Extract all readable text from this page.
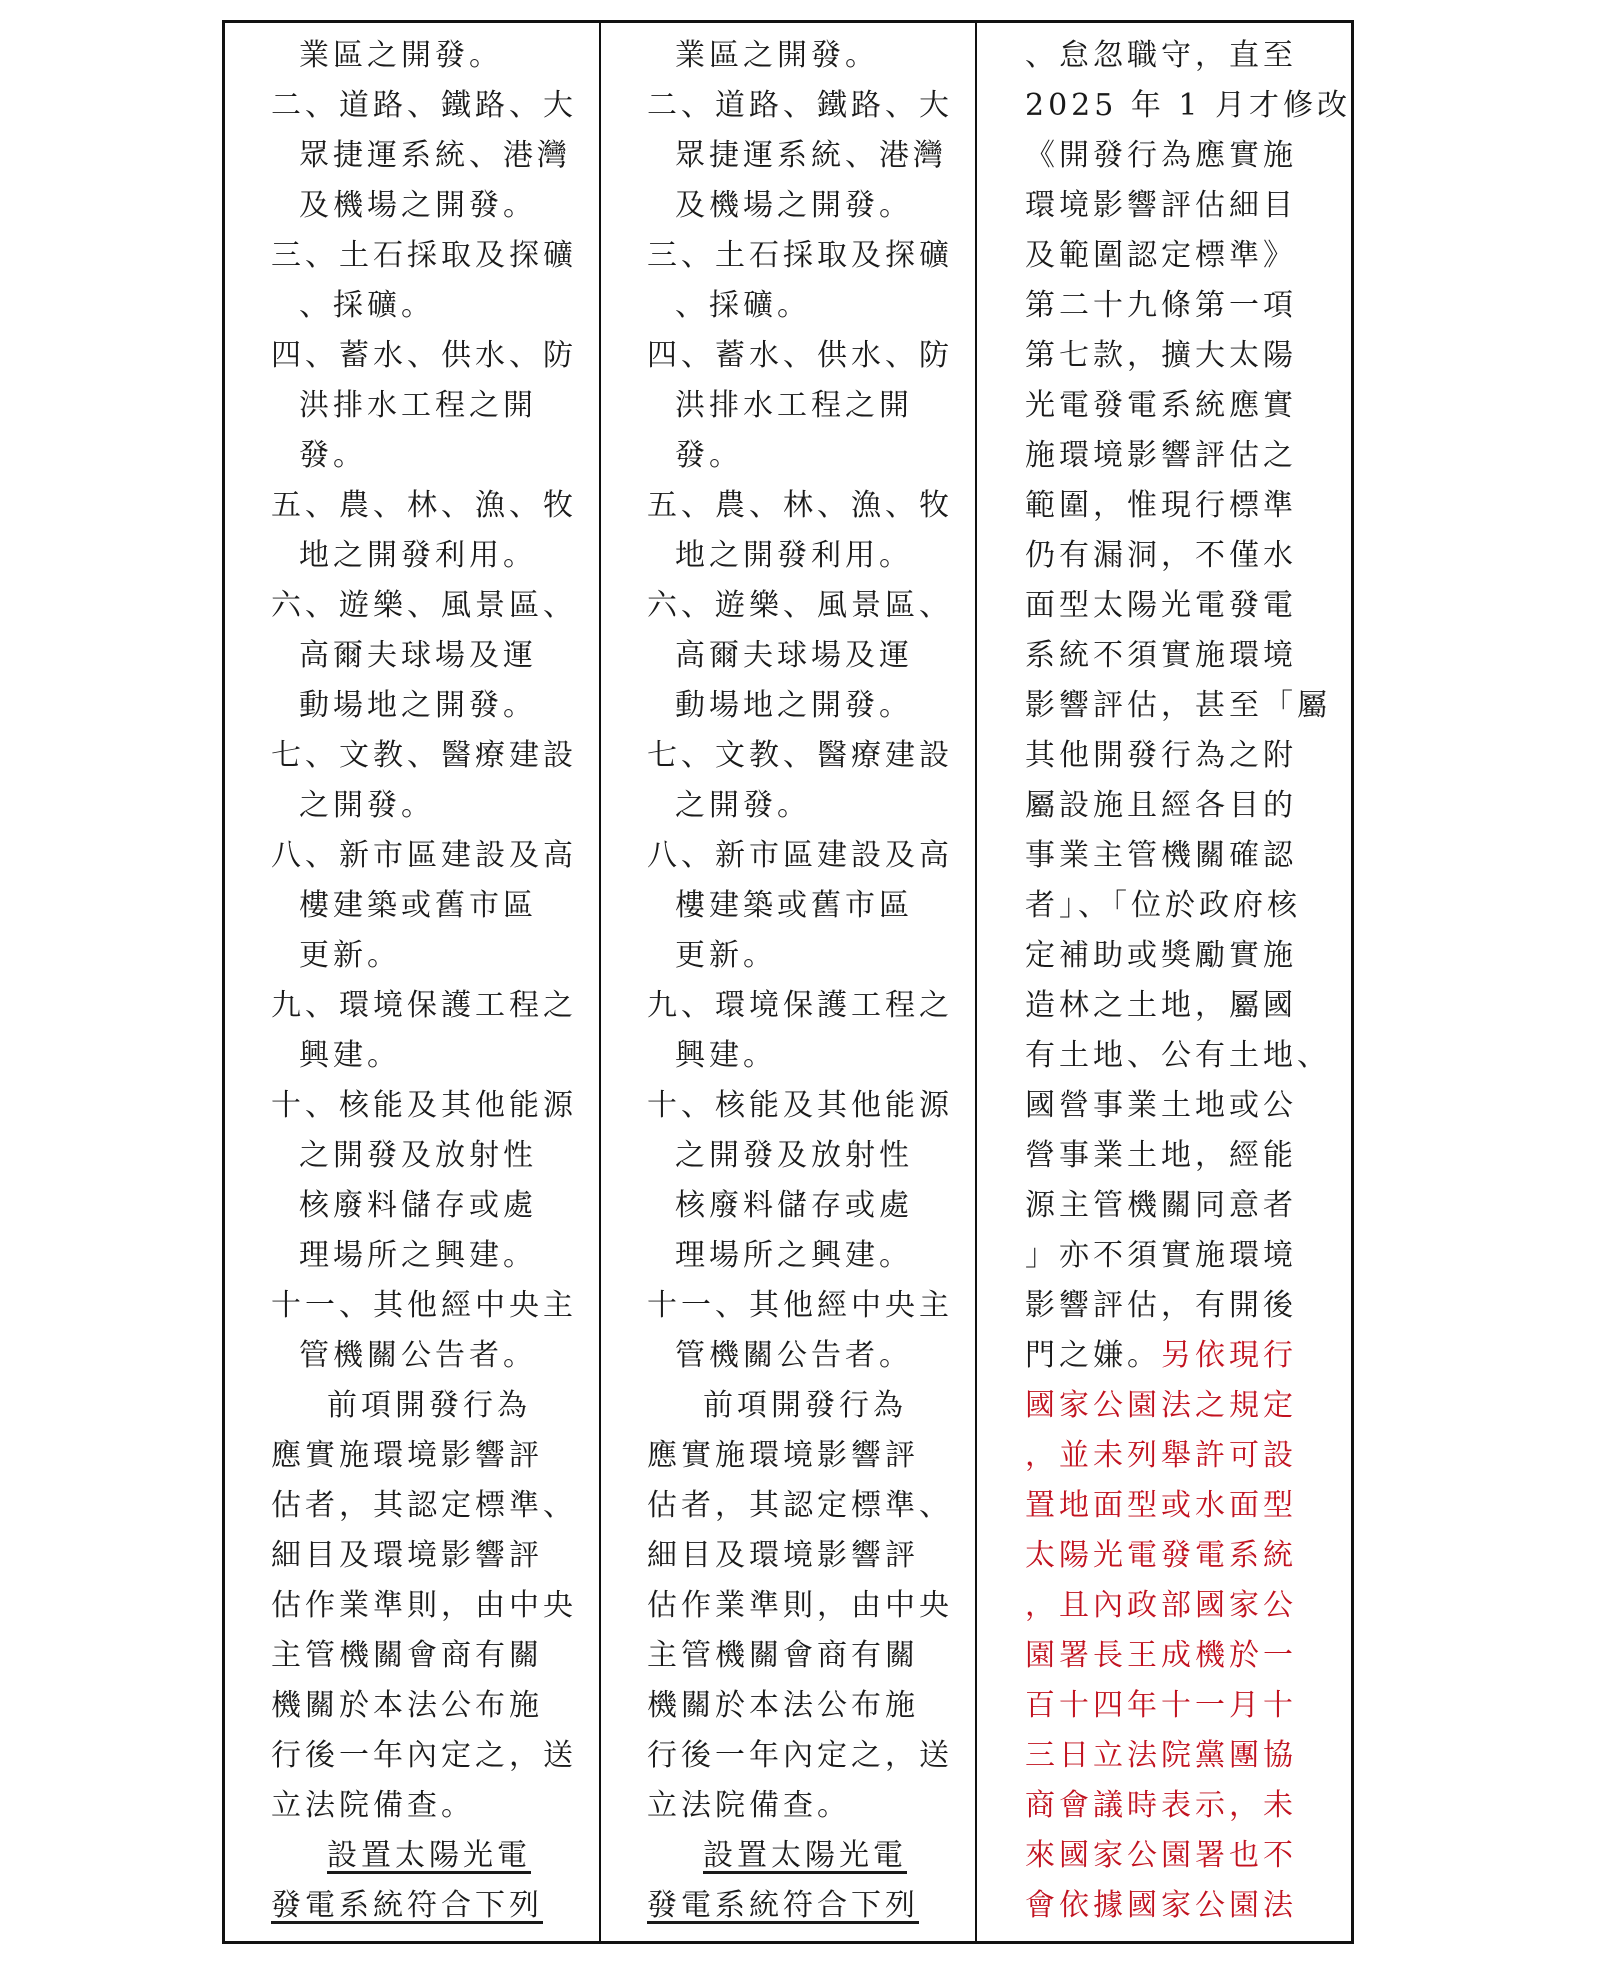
業區之開發。
二、道路、鐵路、大
眾捷運系統、港灣
及機場之開發。
三、土石採取及探礦
、採礦。
四、蓄水、供水、防
洪排水工程之開
發。
五、農、林、漁、牧
地之開發利用。
六、遊樂、風景區、
高爾夫球場及運
動場地之開發。
七、文教、醫療建設
之開發。
八、新市區建設及高
樓建築或舊市區
更新。
九、環境保護工程之
興建。
十、核能及其他能源
之開發及放射性
核廢料儲存或處
理場所之興建。
十一、其他經中央主
管機關公告者。
前項開發行為
應實施環境影響評
估者，其認定標準、
細目及環境影響評
估作業準則，由中央
主管機關會商有關
機關於本法公布施
行後一年內定之，送
立法院備查。
設置太陽光電
發電系統符合下列
業區之開發。
二、道路、鐵路、大
眾捷運系統、港灣
及機場之開發。
三、土石採取及探礦
、採礦。
四、蓄水、供水、防
洪排水工程之開
發。
五、農、林、漁、牧
地之開發利用。
六、遊樂、風景區、
高爾夫球場及運
動場地之開發。
七、文教、醫療建設
之開發。
八、新市區建設及高
樓建築或舊市區
更新。
九、環境保護工程之
興建。
十、核能及其他能源
之開發及放射性
核廢料儲存或處
理場所之興建。
十一、其他經中央主
管機關公告者。
前項開發行為
應實施環境影響評
估者，其認定標準、
細目及環境影響評
估作業準則，由中央
主管機關會商有關
機關於本法公布施
行後一年內定之，送
立法院備查。
設置太陽光電
發電系統符合下列
、怠忽職守，直至
2025 年 1 月才修改
《開發行為應實施
環境影響評估細目
及範圍認定標準》
第二十九條第一項
第七款，擴大太陽
光電發電系統應實
施環境影響評估之
範圍，惟現行標準
仍有漏洞，不僅水
面型太陽光電發電
系統不須實施環境
影響評估，甚至「屬
其他開發行為之附
屬設施且經各目的
事業主管機關確認
者」、「位於政府核
定補助或獎勵實施
造林之土地，屬國
有土地、公有土地、
國營事業土地或公
營事業土地，經能
源主管機關同意者
」亦不須實施環境
影響評估，有開後
門之嫌。另依現行
國家公園法之規定
，並未列舉許可設
置地面型或水面型
太陽光電發電系統
，且內政部國家公
園署長王成機於一
百十四年十一月十
三日立法院黨團協
商會議時表示，未
來國家公園署也不
會依據國家公園法
